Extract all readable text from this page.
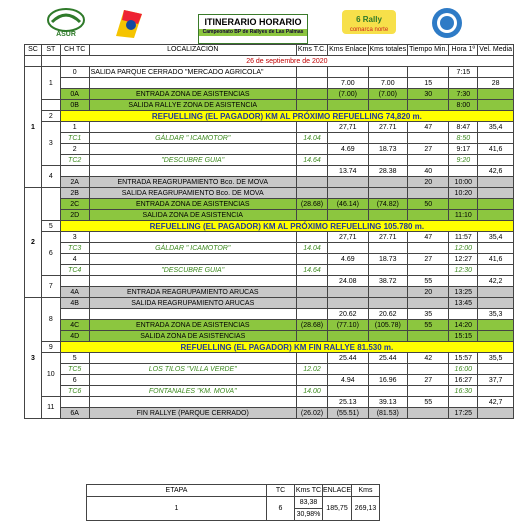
ASUR
ITINERARIO HORARIO
Campeonato BP de Rallyes de Las Palmas
6 Rally
comarca norte
SC	ST	CH TC	LOCALIZACIÓN	Kms T.C.	Kms Enlace	Kms totales	Tiempo Min.	Hora 1º	Vel. Media
		26 de septiembre de 2020							
1	1	0	SALIDA PARQUE CERRADO "MERCADO AGRICOLA"					7:15	
					7.00	7.00	15		28
		0A	ENTRADA ZONA DE ASISTENCIAS		(7.00)	(7.00)	30	7:30	
		0B	SALIDA RALLYE ZONA DE ASISTENCIA					8:00	
	2	REFUELLING (EL PAGADOR) KM AL PRÓXIMO REFUELLING 74,820 m.							
	3	1			27,71	27.71	47	8:47	35,4
		TC1	GÀLDAR " ICAMOTOR"	14.04				8:50	
		2			4.69	18.73	27	9:17	41,6
		TC2	"DESCUBRE GUIA"	14.64				9:20	
	4				13.74	28.38	40		42,6
		2A	ENTRADA REAGRUPAMIENTO Bco. DE MOVA				20	10:00	
2		2B	SALIDA REAGRUPAMIENTO Bco. DE MOVA					10:20	
		2C	ENTRADA ZONA DE ASISTENCIAS	(28.68)	(46.14)	(74.82)	50		
		2D	SALIDA ZONA DE ASISTENCIA					11:10	
	5	REFUELLING (EL PAGADOR) KM AL PRÓXIMO REFUELLING 105.780 m.							
	6	3			27,71	27.71	47	11:57	35,4
		TC3	GÀLDAR " ICAMOTOR"	14.04				12:00	
		4			4.69	18.73	27	12:27	41,6
		TC4	"DESCUBRE GUIA"	14.64				12:30	
	7				24.08	38.72	55		42,2
		4A	ENTRADA REAGRUPAMIENTO ARUCAS				20	13:25	
3	8	4B	SALIDA REAGRUPAMIENTO ARUCAS					13:45	
					20.62	20.62	35		35,3
		4C	ENTRADA ZONA DE ASISTENCIAS	(28.68)	(77.10)	(105.78)	55	14:20	
		4D	SALIDA ZONA DE ASISTENCIAS					15:15	
	9	REFUELLING (EL PAGADOR) KM FIN RALLYE 81.530 m.							
	10	5			25.44	25.44	42	15:57	35,5
		TC5	LOS TILOS "VILLA VERDE"	12.02				16:00	
		6			4.94	16.96	27	16:27	37,7
		TC6	FONTANALES "KM. MOVA"	14.00				16:30	
	11				25.13	39.13	55		42,7
		6A	FIN RALLYE (PARQUE CERRADO)	(26.02)	(55.51)	(81.53)		17:25	
ETAPA	TC	Kms TC	ENLACE	Kms
1	6	83,38	185,75	269,13
		30,98%		
